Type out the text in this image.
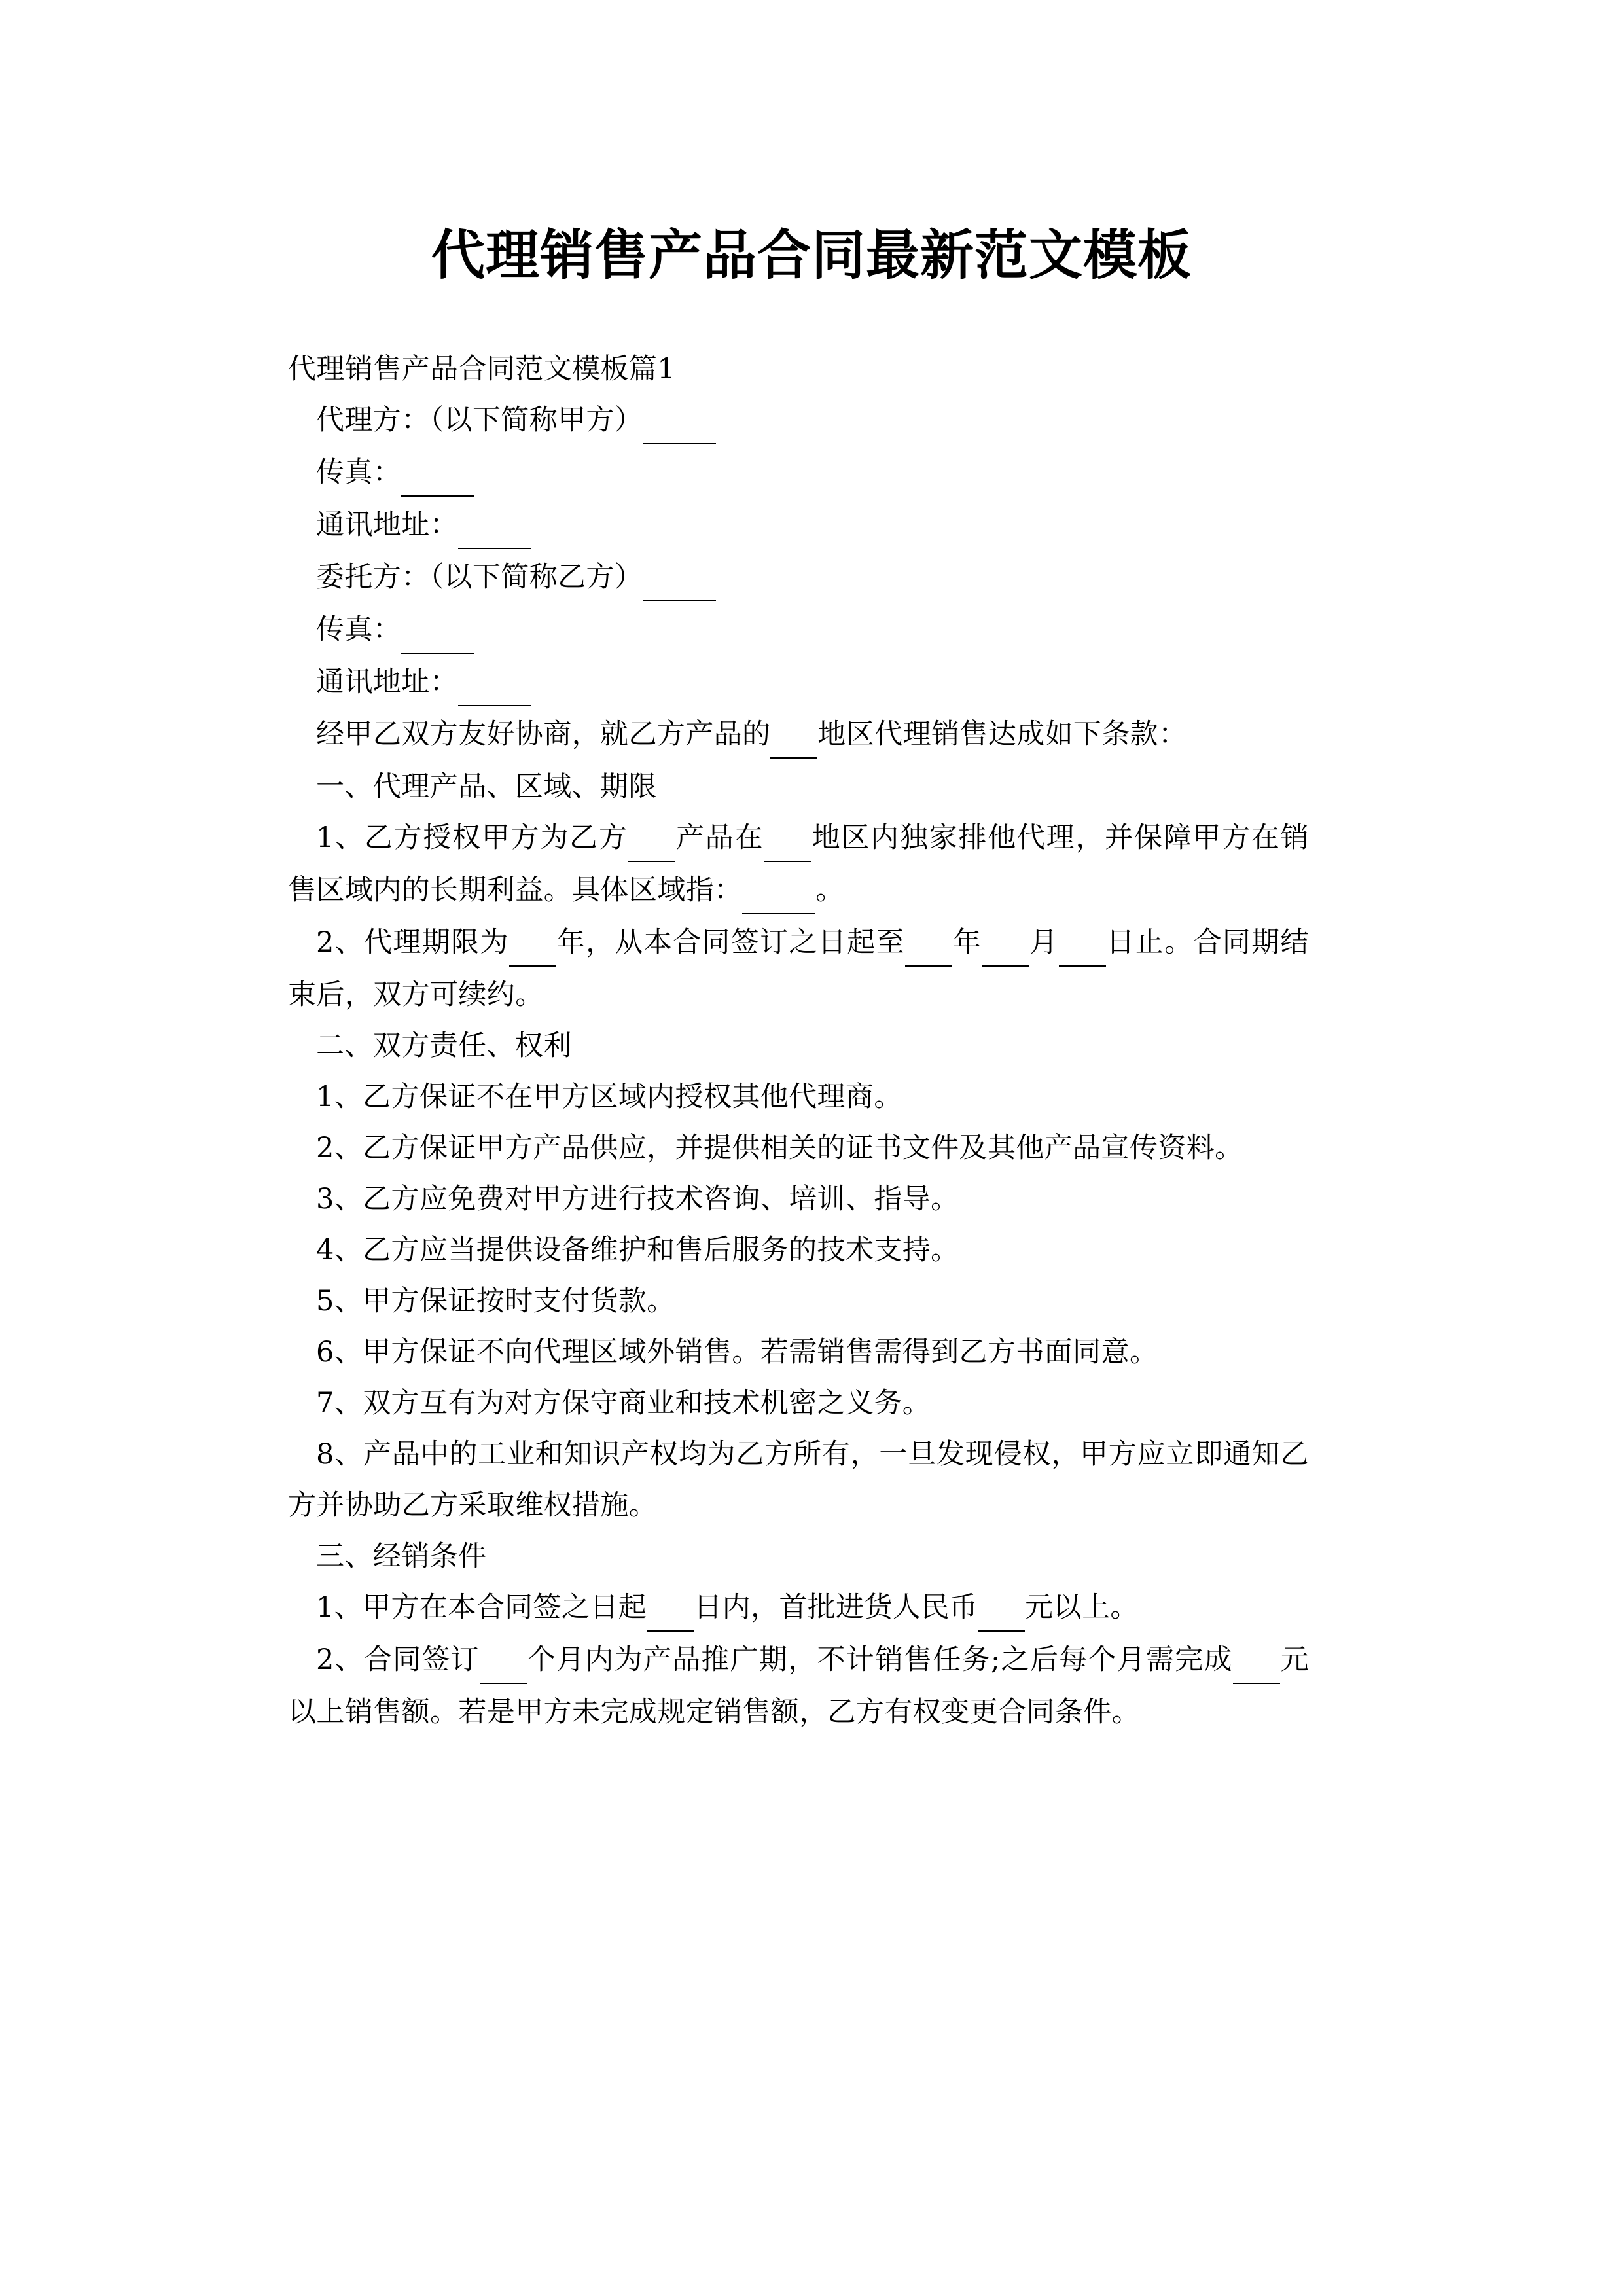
代理销售产品合同最新范文模板

代理销售产品合同范文模板篇1

代理方：（以下简称甲方）

传真：

通讯地址：

委托方：（以下简称乙方）

传真：

通讯地址：

经甲乙双方友好协商，就乙方产品的 地区代理销售达成如下条款：

一、代理产品、区域、期限

1、乙方授权甲方为乙方 产品在 地区内独家排他代理，并保障甲方在销售区域内的长期利益。具体区域指：	。

2、代理期限为 年，从本合同签订之日起至 年 月 日止。合同期结束后，双方可续约。

二、双方责任、权利

1、乙方保证不在甲方区域内授权其他代理商。

2、乙方保证甲方产品供应，并提供相关的证书文件及其他产品宣传资料。

3、乙方应免费对甲方进行技术咨询、培训、指导。

4、乙方应当提供设备维护和售后服务的技术支持。

5、甲方保证按时支付货款。

6、甲方保证不向代理区域外销售。若需销售需得到乙方书面同意。

7、双方互有为对方保守商业和技术机密之义务。

8、产品中的工业和知识产权均为乙方所有，一旦发现侵权，甲方应立即通知乙方并协助乙方采取维权措施。

三、经销条件

1、甲方在本合同签之日起 日内，首批进货人民币 元以上。

2、合同签订 个月内为产品推广期，不计销售任务;之后每个月需完成 元以上销售额。若是甲方未完成规定销售额，乙方有权变更合同条件。
